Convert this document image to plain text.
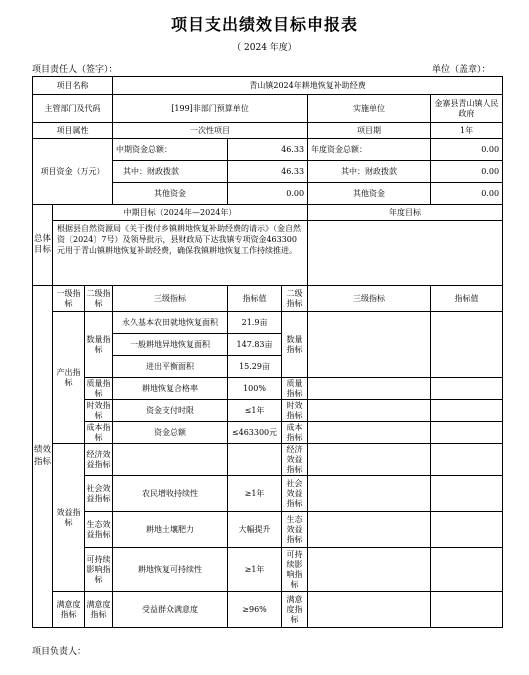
项目支出绩效目标申报表
（ 2024 年度）
项目责任人（签字）：	单位（盖章）：
项目名称			青山镇2024年耕地恢复补助经费				
主管部门及代码			[199]非部门预算单位			实施单位	金寨县青山镇人民政府
项目属性			一次性项目			项目期	1年
项目资金（万元）			中期资金总额：	46.33		年度资金总额：	0.00
			其中：财政拨款	46.33		其中：财政拨款	0.00
			其他资金	0.00		其他资金	0.00
总体目标	中期目标（2024年—2024年）					年度目标	
	根据县自然资源局《关于拨付乡镇耕地恢复补助经费的请示》（金自然资〔2024〕7号）及领导批示，县财政局下达我镇专项资金463300元用于青山镇耕地恢复补助经费，确保我镇耕地恢复工作持续推进。						
绩效指标	一级指标	二级指标	三级指标	指标值	二级指标	三级指标	指标值
	产出指标	数量指标	永久基本农田就地恢复面积	21.9亩	数量指标		
			一般耕地异地恢复面积	147.83亩			
			进出平衡面积	15.29亩			
		质量指标	耕地恢复合格率	100%	质量指标		
		时效指标	资金支付时限	≤1年	时效指标		
		成本指标	资金总额	≤463300元	成本指标		
	效益指标	经济效益指标			经济效益指标		
		社会效益指标	农民增收持续性	≥1年	社会效益指标		
		生态效益指标	耕地土壤肥力	大幅提升	生态效益指标		
		可持续影响指标	耕地恢复可持续性	≥1年	可持续影响指标		
	满意度指标	满意度指标	受益群众满意度	≥96%	满意度指标		
项目负责人：
